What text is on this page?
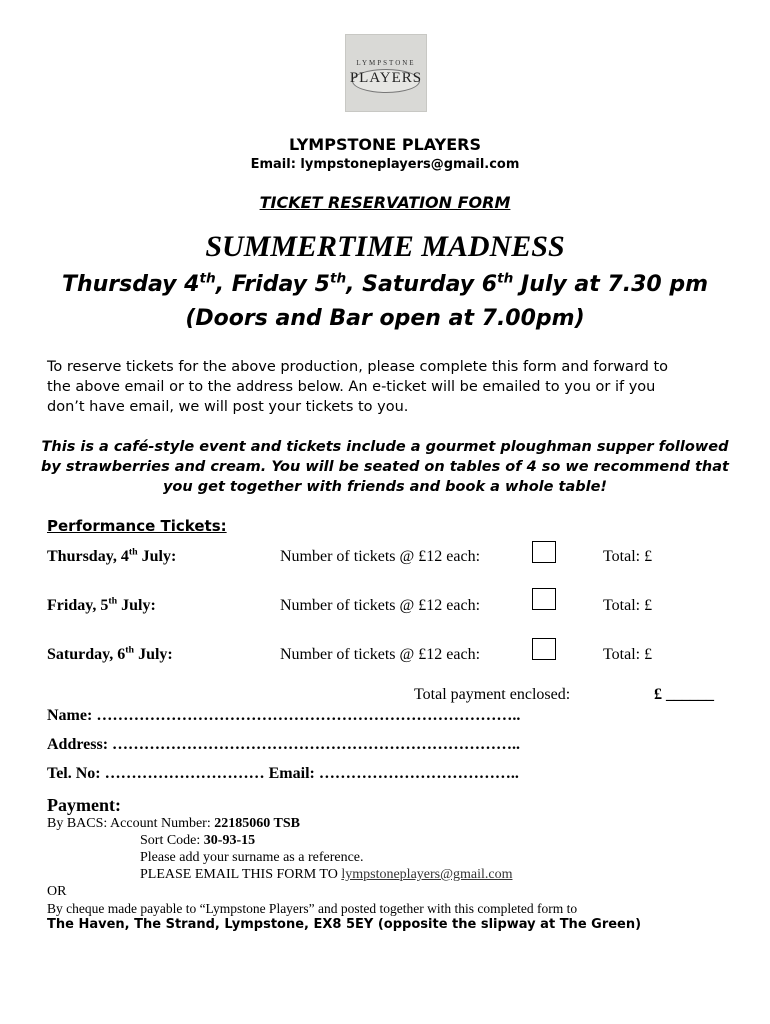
LYMPSTONE
PLAYERS
LYMPSTONE PLAYERS
Email: lympstoneplayers@gmail.com
TICKET RESERVATION FORM
SUMMERTIME MADNESS
Thursday 4th, Friday 5th, Saturday 6th July at 7.30 pm
(Doors and Bar open at 7.00pm)
To reserve tickets for the above production, please complete this form and forward to
the above email or to the address below. An e-ticket will be emailed to you or if you
don’t have email, we will post your tickets to you.
This is a café-style event and tickets include a gourmet ploughman supper followed
by strawberries and cream. You will be seated on tables of 4 so we recommend that
you get together with friends and book a whole table!
Performance Tickets:
Thursday, 4th July:	Number of tickets @ £12 each:	Total: £
Friday, 5th July:	Number of tickets @ £12 each:	Total: £
Saturday, 6th July:	Number of tickets @ £12 each:	Total: £
Total payment enclosed:	£ ______
Name: ……………………………………………………………………..
Address: …………………………………………………………………..
Tel. No: ………………………… Email: ………………………………..
Payment:
By BACS: Account Number: 22185060 TSB
Sort Code: 30-93-15
Please add your surname as a reference.
PLEASE EMAIL THIS FORM TO lympstoneplayers@gmail.com
OR
By cheque made payable to “Lympstone Players” and posted together with this completed form to
The Haven, The Strand, Lympstone, EX8 5EY (opposite the slipway at The Green)
